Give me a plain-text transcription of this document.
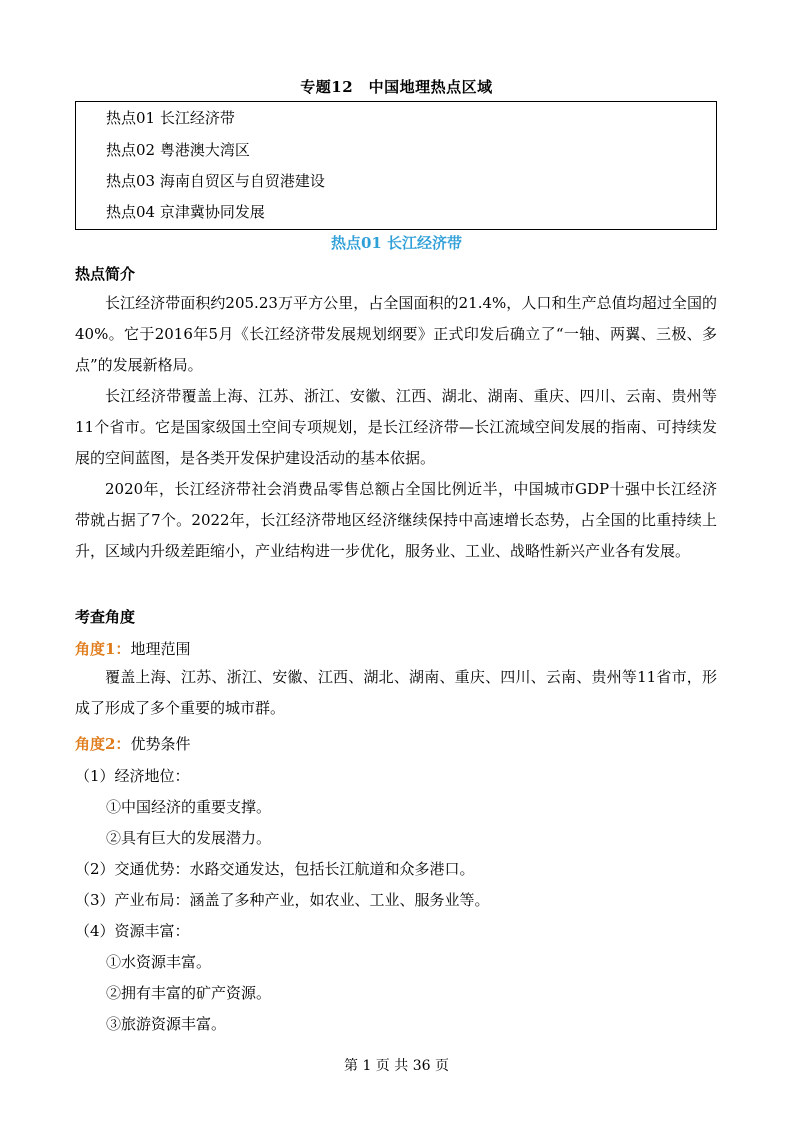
专题12　中国地理热点区域
热点01 长江经济带
热点02 粤港澳大湾区
热点03 海南自贸区与自贸港建设
热点04 京津冀协同发展
热点01 长江经济带
热点简介

长江经济带面积约205.23万平方公里，占全国面积的21.4%，人口和生产总值均超过全国的40%。它于2016年5月《长江经济带发展规划纲要》正式印发后确立了“一轴、两翼、三极、多点”的发展新格局。

长江经济带覆盖上海、江苏、浙江、安徽、江西、湖北、湖南、重庆、四川、云南、贵州等11个省市。它是国家级国土空间专项规划，是长江经济带—长江流域空间发展的指南、可持续发展的空间蓝图，是各类开发保护建设活动的基本依据。

2020年，长江经济带社会消费品零售总额占全国比例近半，中国城市GDP十强中长江经济带就占据了7个。2022年，长江经济带地区经济继续保持中高速增长态势，占全国的比重持续上升，区域内升级差距缩小，产业结构进一步优化，服务业、工业、战略性新兴产业各有发展。

考查角度
角度1：地理范围

覆盖上海、江苏、浙江、安徽、江西、湖北、湖南、重庆、四川、云南、贵州等11省市，形成了形成了多个重要的城市群。

角度2：优势条件
（1）经济地位：
①中国经济的重要支撑。
②具有巨大的发展潜力。
（2）交通优势：水路交通发达，包括长江航道和众多港口。
（3）产业布局：涵盖了多种产业，如农业、工业、服务业等。
（4）资源丰富：
①水资源丰富。
②拥有丰富的矿产资源。
③旅游资源丰富。
第 1 页 共 36 页
